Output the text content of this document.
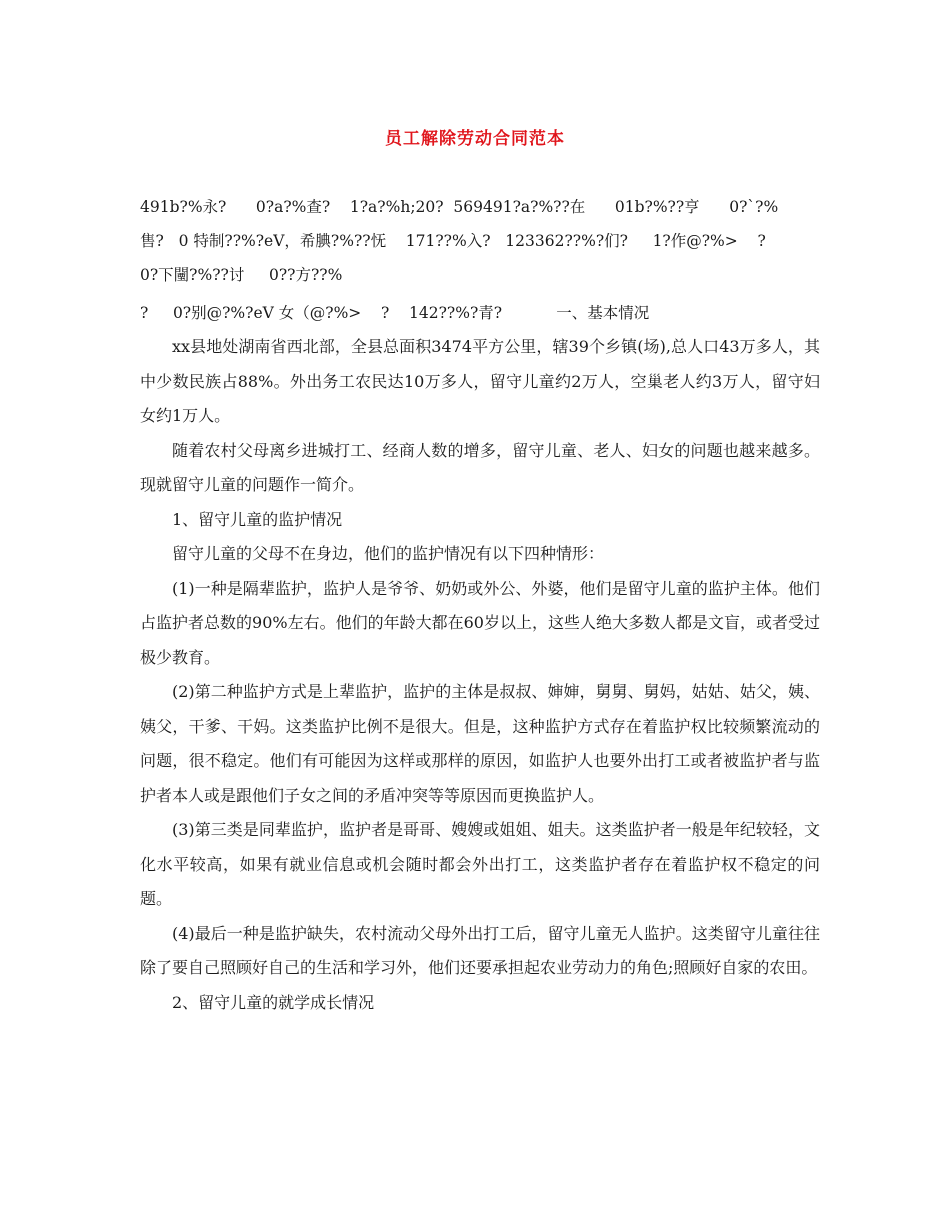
员工解除劳动合同范本
491b?%永?      0?a?%查?    1?a?%h;20?  569491?a?%??在      01b?%??亨      0?`?%
售?   0 特制??%?eV，希腆?%??怃    171??%入?   123362??%?们?     1?作@?%>    ?
0?下闉?%??讨     0??方??%
?     0?别@?%?eV 女（@?%>    ?    142??%?青?           一、基本情况

xx县地处湖南省西北部，全县总面积3474平方公里，辖39个乡镇(场),总人口43万多人，其中少数民族占88%。外出务工农民达10万多人，留守儿童约2万人，空巢老人约3万人，留守妇女约1万人。

随着农村父母离乡进城打工、经商人数的增多，留守儿童、老人、妇女的问题也越来越多。现就留守儿童的问题作一简介。

1、留守儿童的监护情况

留守儿童的父母不在身边，他们的监护情况有以下四种情形：

(1)一种是隔辈监护，监护人是爷爷、奶奶或外公、外婆，他们是留守儿童的监护主体。他们占监护者总数的90%左右。他们的年龄大都在60岁以上，这些人绝大多数人都是文盲，或者受过极少教育。

(2)第二种监护方式是上辈监护，监护的主体是叔叔、婶婶，舅舅、舅妈，姑姑、姑父，姨、姨父，干爹、干妈。这类监护比例不是很大。但是，这种监护方式存在着监护权比较频繁流动的问题，很不稳定。他们有可能因为这样或那样的原因，如监护人也要外出打工或者被监护者与监护者本人或是跟他们子女之间的矛盾冲突等等原因而更换监护人。

(3)第三类是同辈监护，监护者是哥哥、嫂嫂或姐姐、姐夫。这类监护者一般是年纪较轻，文化水平较高，如果有就业信息或机会随时都会外出打工，这类监护者存在着监护权不稳定的问题。

(4)最后一种是监护缺失，农村流动父母外出打工后，留守儿童无人监护。这类留守儿童往往除了要自己照顾好自己的生活和学习外，他们还要承担起农业劳动力的角色;照顾好自家的农田。

2、留守儿童的就学成长情况
